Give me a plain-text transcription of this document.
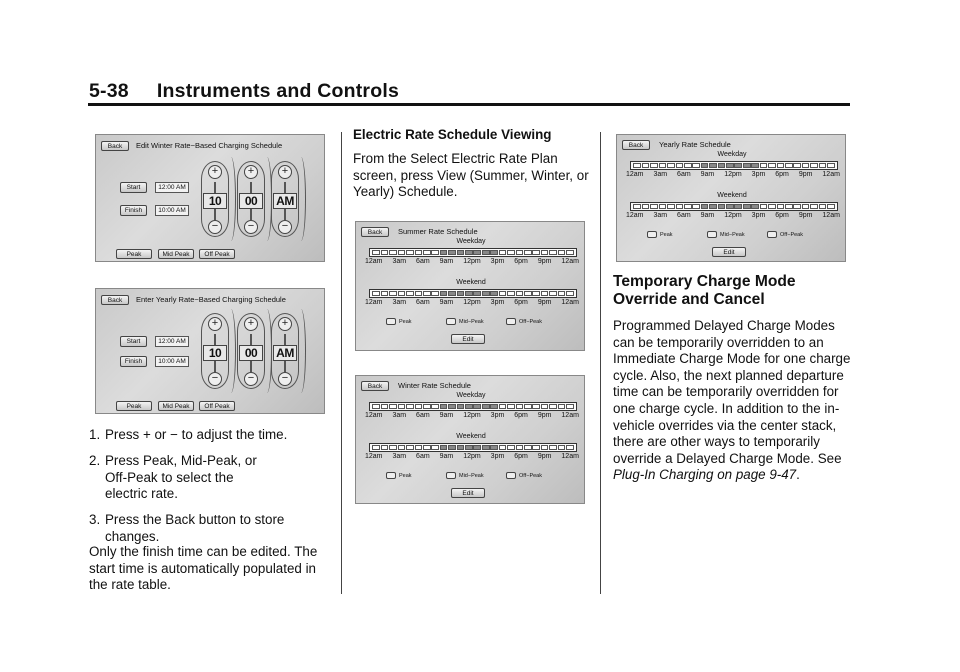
5-38     Instruments and Controls
Back	Edit Winter Rate−Based Charging Schedule
Start	12:00 AM
Finish	10:00 AM
+
10
−
+
00
−
+
AM
−
Peak	Mid Peak	Off Peak
Back	Enter Yearly Rate−Based Charging Schedule
Start	12:00 AM
Finish	10:00 AM
+
10
−
+
00
−
+
AM
−
Peak	Mid Peak	Off Peak
1. Press + or − to adjust the time.
2. Press Peak, Mid-Peak, or Off-Peak to select the electric rate.
3. Press the Back button to store changes.
Only the finish time can be edited. The start time is automatically populated in the rate table.
Electric Rate Schedule Viewing
From the Select Electric Rate Plan screen, press View (Summer, Winter, or Yearly) Schedule.
Back	Summer Rate Schedule
Weekday
12am 3am 6am 9am 12pm 3pm 6pm 9pm 12am
Weekend
12am 3am 6am 9am 12pm 3pm 6pm 9pm 12am
Peak	Mid−Peak	Off−Peak
Edit
Back	Winter Rate Schedule
Weekday
12am 3am 6am 9am 12pm 3pm 6pm 9pm 12am
Weekend
12am 3am 6am 9am 12pm 3pm 6pm 9pm 12am
Peak	Mid−Peak	Off−Peak
Edit
Back	Yearly Rate Schedule
Weekday
12am 3am 6am 9am 12pm 3pm 6pm 9pm 12am
Weekend
12am 3am 6am 9am 12pm 3pm 6pm 9pm 12am
Peak	Mid−Peak	Off−Peak
Edit
Temporary Charge Mode
Override and Cancel
Programmed Delayed Charge Modes can be temporarily overridden to an Immediate Charge Mode for one charge cycle. Also, the next planned departure time can be temporarily overridden for one charge cycle. In addition to the in-vehicle overrides via the center stack, there are other ways to temporarily override a Delayed Charge Mode. See Plug-In Charging on page 9-47.
